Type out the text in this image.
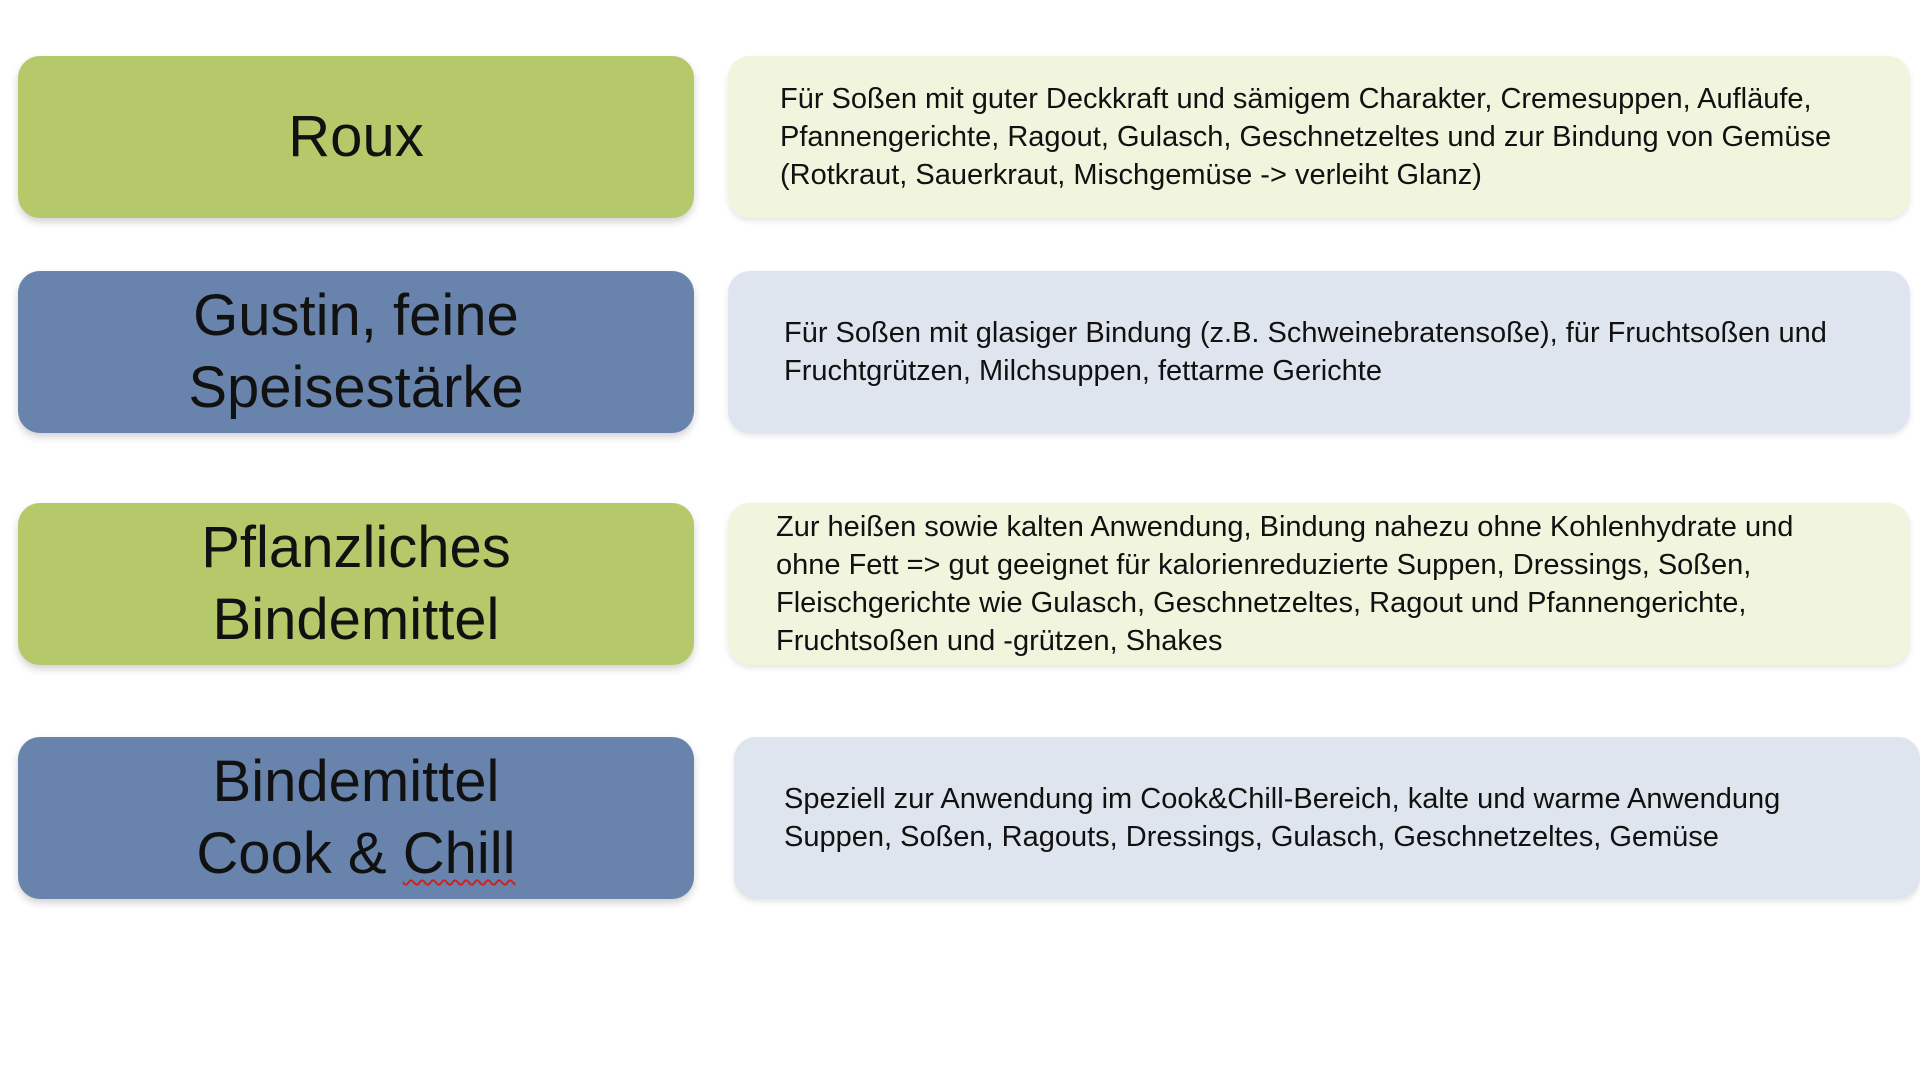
Roux
Für Soßen mit guter Deckkraft und sämigem Charakter, Cremesuppen, Aufläufe,
Pfannengerichte, Ragout, Gulasch, Geschnetzeltes und zur Bindung von Gemüse
(Rotkraut, Sauerkraut, Mischgemüse -> verleiht Glanz)
Gustin, feine
Speisestärke
Für Soßen mit glasiger Bindung (z.B. Schweinebratensoße), für Fruchtsoßen und
Fruchtgrützen, Milchsuppen, fettarme Gerichte
Pflanzliches
Bindemittel
Zur heißen sowie kalten Anwendung, Bindung nahezu ohne Kohlenhydrate und
ohne Fett => gut geeignet für kalorienreduzierte Suppen, Dressings, Soßen,
Fleischgerichte wie Gulasch, Geschnetzeltes, Ragout und Pfannengerichte,
Fruchtsoßen und -grützen, Shakes
Bindemittel
Cook & Chill
Speziell zur Anwendung im Cook&Chill-Bereich, kalte und warme Anwendung
Suppen, Soßen, Ragouts, Dressings, Gulasch, Geschnetzeltes, Gemüse
